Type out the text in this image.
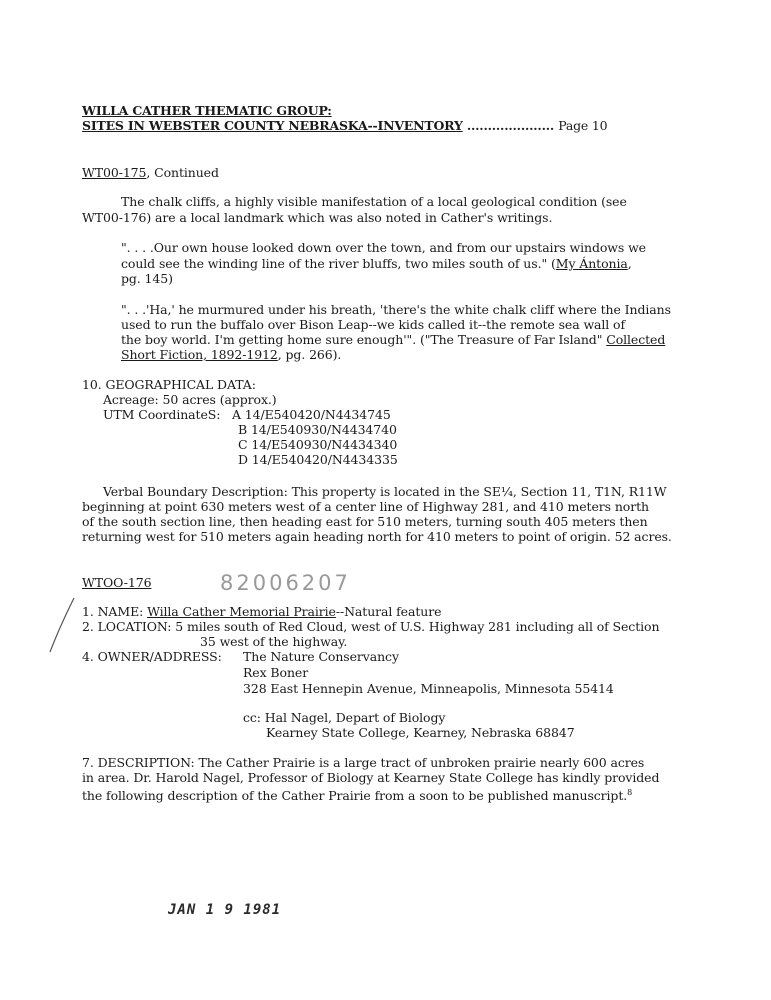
WILLA CATHER THEMATIC GROUP:
SITES IN WEBSTER COUNTY NEBRASKA--INVENTORY ..................... Page 10
WT00-175, Continued
The chalk cliffs, a highly visible manifestation of a local geological condition (see
WT00-176) are a local landmark which was also noted in Cather's writings.
". . . .Our own house looked down over the town, and from our upstairs windows we
could see the winding line of the river bluffs, two miles south of us." (My Ántonia,
pg. 145)
". . .'Ha,' he murmured under his breath, 'there's the white chalk cliff where the Indians
used to run the buffalo over Bison Leap--we kids called it--the remote sea wall of
the boy world. I'm getting home sure enough'". ("The Treasure of Far Island" Collected
Short Fiction, 1892-1912, pg. 266).
10. GEOGRAPHICAL DATA:
Acreage: 50 acres (approx.)
UTM CoordinateS: A 14/E540420/N4434745
B 14/E540930/N4434740
C 14/E540930/N4434340
D 14/E540420/N4434335
Verbal Boundary Description: This property is located in the SE¼, Section 11, T1N, R11W
beginning at point 630 meters west of a center line of Highway 281, and 410 meters north
of the south section line, then heading east for 510 meters, turning south 405 meters then
returning west for 510 meters again heading north for 410 meters to point of origin. 52 acres.
WTOO-176	82006207
1. NAME: Willa Cather Memorial Prairie--Natural feature
2. LOCATION: 5 miles south of Red Cloud, west of U.S. Highway 281 including all of Section
35 west of the highway.
4. OWNER/ADDRESS: The Nature Conservancy
Rex Boner
328 East Hennepin Avenue, Minneapolis, Minnesota 55414
cc: Hal Nagel, Depart of Biology
Kearney State College, Kearney, Nebraska 68847
7. DESCRIPTION: The Cather Prairie is a large tract of unbroken prairie nearly 600 acres
in area. Dr. Harold Nagel, Professor of Biology at Kearney State College has kindly provided
the following description of the Cather Prairie from a soon to be published manuscript.$^8$
JAN 1 9 1981
